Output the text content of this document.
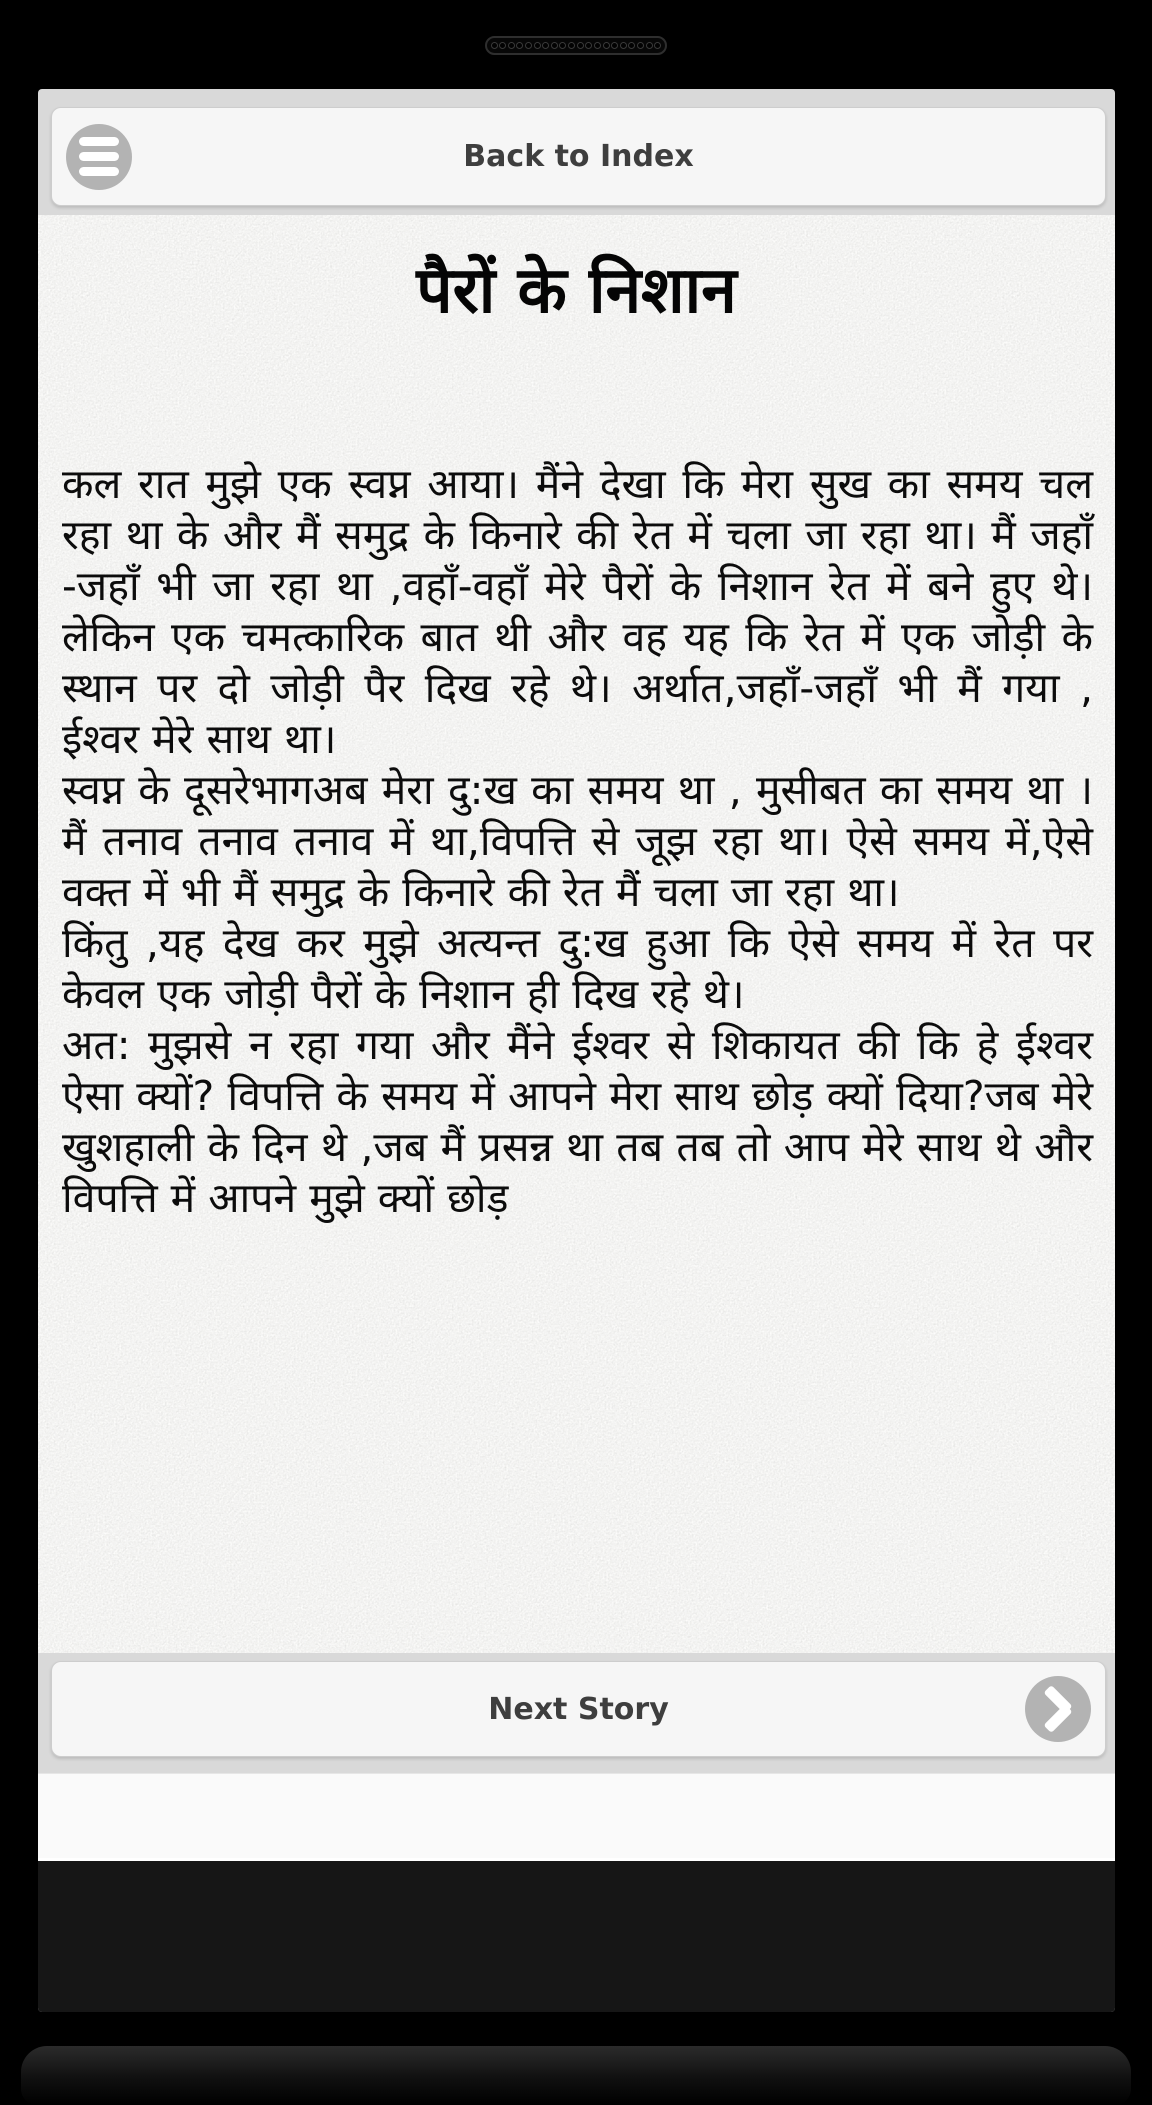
Back to Index
पैरों के निशान

कल रात मुझे एक स्वप्न आया। मैंने देखा कि मेरा सुख का समय चल रहा था के और मैं समुद्र के किनारे की रेत में चला जा रहा था। मैं जहाँ -जहाँ भी जा रहा था ,वहाँ-वहाँ मेरे पैरों के निशान रेत में बने हुए थे।लेकिन एक चमत्कारिक बात थी और वह यह कि रेत में एक जोड़ी के स्थान पर दो जोड़ी पैर दिख रहे थे। अर्थात,जहाँ-जहाँ भी मैं गया , ईश्वर मेरे साथ था।

स्वप्न के दूसरेभागअब मेरा दु:ख का समय था , मुसीबत का समय था । मैं तनाव तनाव तनाव में था,विपत्ति से जूझ रहा था। ऐसे समय में,ऐसे वक्त में भी मैं समुद्र के किनारे की रेत मैं चला जा रहा था।

किंतु ,यह देख कर मुझे अत्यन्त दु:ख हुआ कि ऐसे समय में रेत पर केवल एक जोड़ी पैरों के निशान ही दिख रहे थे।

अत: मुझसे न रहा गया और मैंने ईश्वर से शिकायत की कि हे ईश्वर ऐसा क्यों? विपत्ति के समय में आपने मेरा साथ छोड़ क्यों दिया?जब मेरे खुशहाली के दिन थे ,जब मैं प्रसन्न था तब तब तो आप मेरे साथ थे और विपत्ति में आपने मुझे क्यों छोड़

Next Story
